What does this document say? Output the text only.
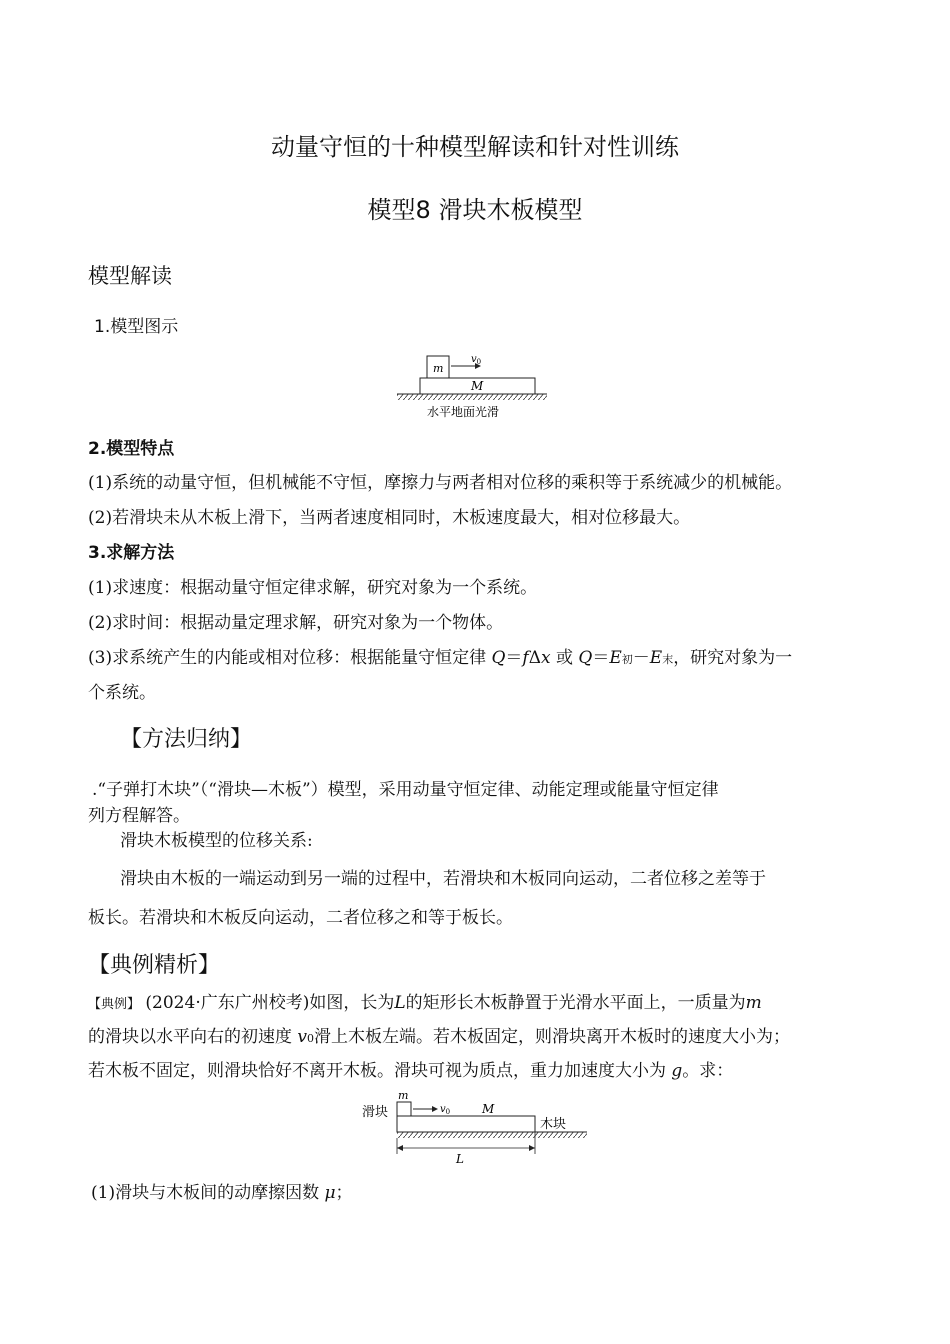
动量守恒的十种模型解读和针对性训练
模型8 滑块木板模型
模型解读
1.模型图示
m
$v_0$
M
水平地面光滑
2.模型特点
(1)系统的动量守恒，但机械能不守恒，摩擦力与两者相对位移的乘积等于系统减少的机械能。
(2)若滑块未从木板上滑下，当两者速度相同时，木板速度最大，相对位移最大。
3.求解方法
(1)求速度：根据动量守恒定律求解，研究对象为一个系统。
(2)求时间：根据动量定理求解，研究对象为一个物体。
(3)求系统产生的内能或相对位移：根据能量守恒定律 Q＝fΔx 或 Q＝E初－E末，研究对象为一
个系统。
【方法归纳】
.“子弹打木块”（“滑块—木板”）模型，采用动量守恒定律、动能定理或能量守恒定律
列方程解答。
滑块木板模型的位移关系:
滑块由木板的一端运动到另一端的过程中，若滑块和木板同向运动，二者位移之差等于
板长。若滑块和木板反向运动，二者位移之和等于板长。
【典例精析】
【典例】 (2024·广东广州校考)如图，长为L的矩形长木板静置于光滑水平面上，一质量为m
的滑块以水平向右的初速度 v0滑上木板左端。若木板固定，则滑块离开木板时的速度大小为；
若木板不固定，则滑块恰好不离开木板。滑块可视为质点，重力加速度大小为 g。求：
滑块
m
$v_0$	M
木块
L
(1)滑块与木板间的动摩擦因数 μ；
